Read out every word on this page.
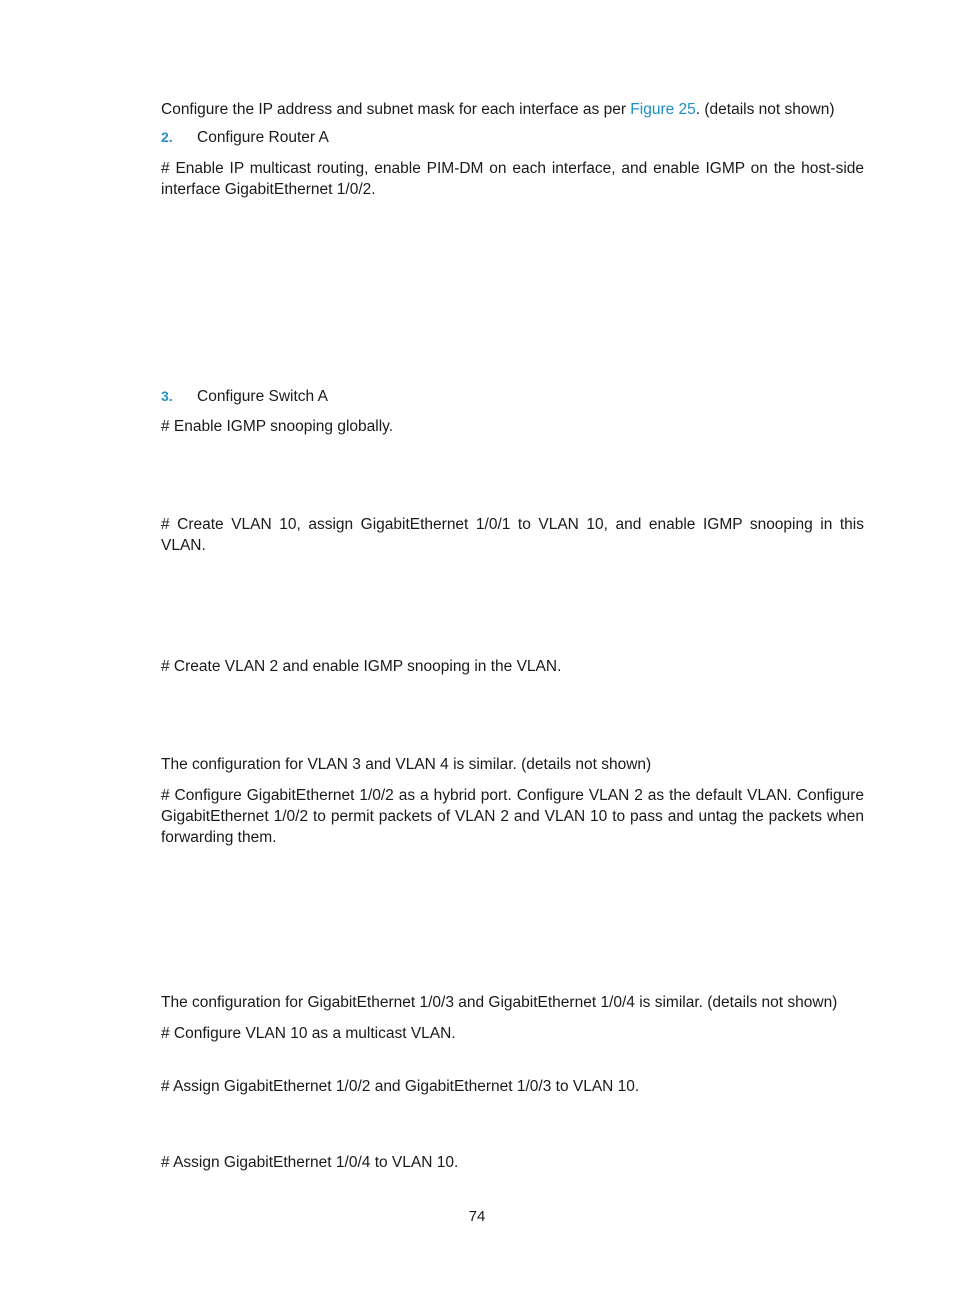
Configure the IP address and subnet mask for each interface as per Figure 25. (details not shown)

2.	Configure Router A

# Enable IP multicast routing, enable PIM-DM on each interface, and enable IGMP on the host-side interface GigabitEthernet 1/0/2.

3.	Configure Switch A

# Enable IGMP snooping globally.

# Create VLAN 10, assign GigabitEthernet 1/0/1 to VLAN 10, and enable IGMP snooping in this VLAN.

# Create VLAN 2 and enable IGMP snooping in the VLAN.

The configuration for VLAN 3 and VLAN 4 is similar. (details not shown)

# Configure GigabitEthernet 1/0/2 as a hybrid port. Configure VLAN 2 as the default VLAN. Configure GigabitEthernet 1/0/2 to permit packets of VLAN 2 and VLAN 10 to pass and untag the packets when forwarding them.

The configuration for GigabitEthernet 1/0/3 and GigabitEthernet 1/0/4 is similar. (details not shown)

# Configure VLAN 10 as a multicast VLAN.

# Assign GigabitEthernet 1/0/2 and GigabitEthernet 1/0/3 to VLAN 10.

# Assign GigabitEthernet 1/0/4 to VLAN 10.

74
